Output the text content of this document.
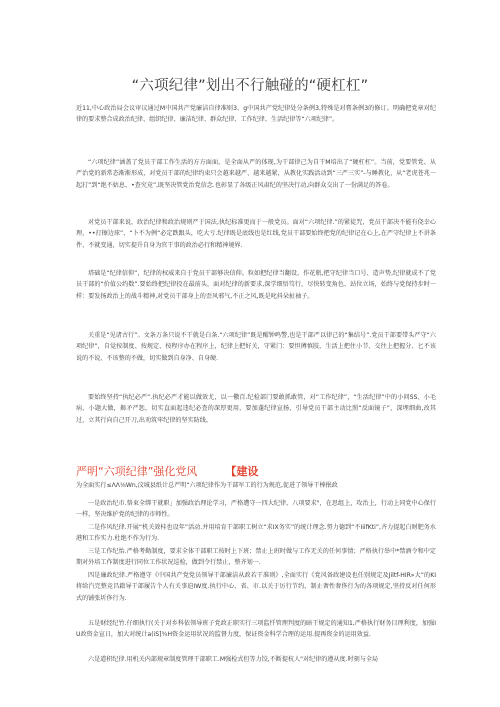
“六项纪律”划出不行触碰的“硬杠杠”
近11,中心政治局会议审议通过M中国共产党廉洁自律准则3、g中国共产党纪律处分条例3,特殊是对膏条例3的修订。明确把党章对纪律的要求整合成政治纪律、组织纪律、廉洁纪律、群众纪律、工作纪律、生活纪律等“六项纪律”。
“六项纪律”涵盖了党员干部工作生活的方方面面，是全面从严的体现,为干部律己为自干M培出了“硬杠杠”。当前，党要管党、从严治党的新常态渐渐形成，对党员干部的纪律约束只会越来越严、越来越紧，从教化实践活动到“三严三实”-与睡教化，从“老虎苍兆一起打”到“绝不姑息、•查究竟”,既坚决管党治党信念.也彰显了各级正风肃纪的坚决行动,向群众交出了一份满足的答卷。
对党员干部来说，政治纪律和政治规则严于国法,执纪标准更而于一般党员。面对“六项纪律.”的紧徒咒，党员干部决不能有侥幸心理，••打擦边球”、“卜不为例“必定跌跟头，吃大亏.纪律既是底线也是红线,党员干部要始终把党的纪律记在心上,在严守纪律上不讲条件、不就变通，切实提升自身为官干事的政治必行和精神境界.
塔础是“纪律信仰”，纪律的权威来自于党员干部够决信仰。粒如把纪律当翻设、作花瓶,把守纪律当口号、造声势,纪律就成不了党员干部的“价值公约数”.要始终把纪律投在最前头，面对纪律的新要求,深学细悟笃行，尽快转变角色、站位立场，始终与党保持步时一样：要发扬政治上的战斗精神,对党员干部身上的歪风邪气,不正之风,既是叱抖朵扯袖子。
关重是“见诸古行”。文条万条只说不干就是白条.“六项纪律”既是醒钟鸣警,也是干部严以律己的“集结号”.党员干部要带头严守“六项纪律”，自觉按制度、按规定、按程序办在程序上，纪律上把好关，守紧门：要怛撙慎肢，生活上把住小节、交往上把握分、匕不该说的不说、不该整的不做，切实做到自身净、自身硬.
要始终坚持“执纪必严”.执纪必严才能以做效尤，以一儆百.纪检部门要敢抓敢管，对“工作纪律”，“生活纪律”中的小问SS、小毛病，小题大做，揭矛严惩，切实直面起违纪必查的深厚更用，要加蓬纪律宣扬，引导党员干部主动比照“反面镜子”，深埋细曲,改其过，立其行向自己开刀,出劝筑牢纪律的坚实防线。
严明“六项纪律”强化党风	【建设
为全面实行≤ΛΛ⅛Wn,汶城县纸计总严明“六项纪律作为干部军工的行为规范,促进了领导干棒抿政
一是政治纪市.恪束全绑干就职」加强政治理论学习，严格遭守一四大纪律、八项要求"，在思组上，攻治上，行动上同党中心保行一样，坚决维护党的纪律的市师性。
二是作风纪律.开展“机关效桂也设年”活动.并用培育干部职工树立“求IX务实”的统计理念.努力德到“不IiifKti”,齐力提起白财肥务水港和工作实力.杜绝不作为行为.
三是工作纪怡.严格考勤制度，要求全体干部职工按时上下班；禁止上班时做与工作无关的任何事情；严格执行举中*禁酒令和中定期对外培工作制度进行同位工作状况巡检，做到令行禁止，整齐划一.
四是廉政纪律.严格遵守《中国共产党党员领导干部廉洁从政若干准则》,全面实行《党风备政建设也任别规定及Jiltf-HIR»大”的KI将给汽完整竞昌籍导干部履告个人有关事迫IW度.执行中心、省、市.以关于厉行节约、制止奢性奢侈行为的各项规定,坚持反对任何形式的铺张圻侈行为.
五是财经纪竹.仔细执行(关于对乡科依领导班子党政正职实行三项监忏管理判度的暗干规定的通知1,严格执行财务目理利度，加强IU政资金宣日，加大对统计a(iS]¾H资金运用状况的监督力度，保证资金科学合理的运用.提再资金的运用效益.
六是道积纪律.用机关内部规章制度管理干部职工.M强检式但等力饺,不断提杭人"对纪律的遵从度.时刻与全局
